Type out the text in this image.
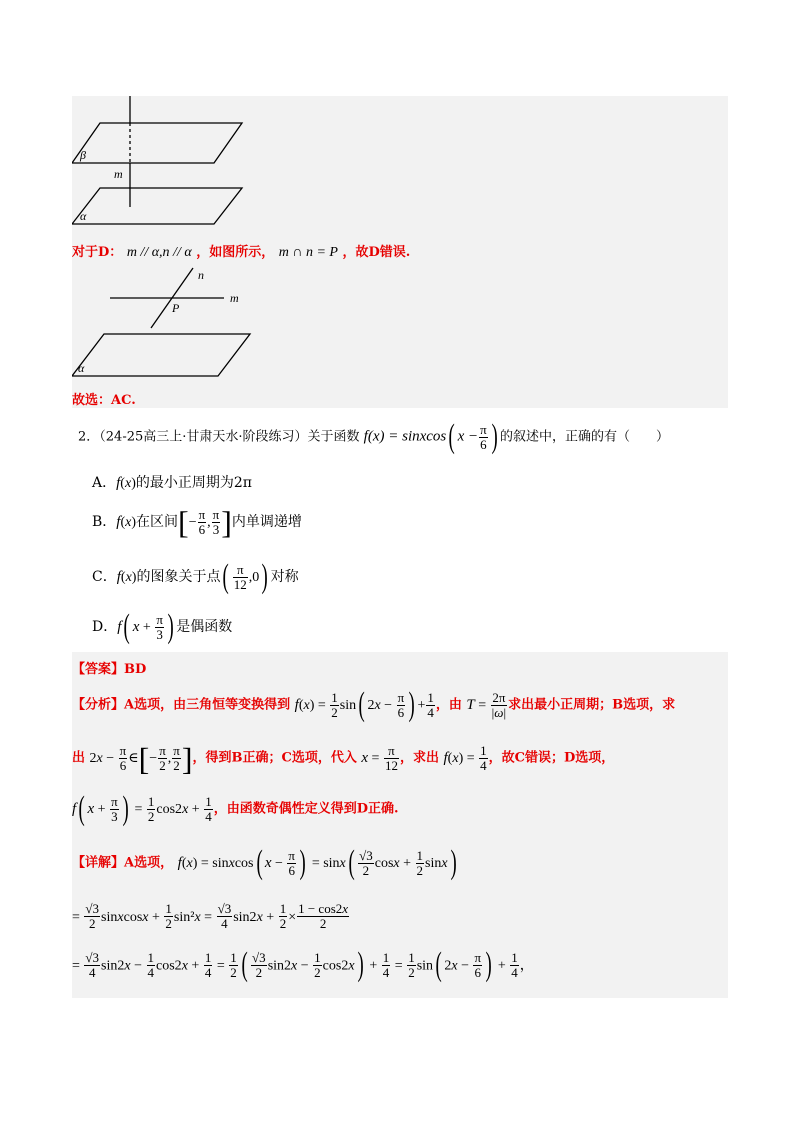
β
m
α
对于D： m // α,n // α ，如图所示， m ∩ n = P ，故D错误.
n
m
P
α
故选：AC.
2．（24-25高三上·甘肃天水·阶段练习）关于函数 f(x) = sinxcos( $x - \frac{\pi}{6}$ ) 的叙述中，正确的有（　　）
A．f(x)的最小正周期为2π
B．f(x)在区间[− $\frac{\pi}{6}$ , $\frac{\pi}{3}$ ]内单调递增
C．f(x)的图象关于点( $\frac{\pi}{12} ,0$) 对称
D．f( $x + \frac{\pi}{3}$ ) 是偶函数
【答案】BD
【分析】A选项，由三角恒等变换得到 $f(x) = \frac{1}{2} \sin$( $2x - \frac{\pi}{6}$ ) + $\frac{1}{4}$ ，由 $T = \frac{2\pi}{|\omega|}$ 求出最小正周期；B选项，求
出 $2x - \frac{\pi}{6}$ ∈[− $\frac{\pi}{2}$ , $\frac{\pi}{2}$ ]，得到B正确；C选项，代入 $x = \frac{\pi}{12}$ ，求出 $f(x) = \frac{1}{4}$ ，故C错误；D选项，
f( $x + \frac{\pi}{3}$ ) = $\frac{1}{2} \cos 2x + \frac{1}{4}$ ，由函数奇偶性定义得到D正确.
【详解】A选项， f(x) = sinxcos( $x - \frac{\pi}{6}$ ) = $\sin x( \frac{√3}{2}$ $\cos x + \frac{1}{2} \sin x$)
= $\frac{√3}{2}$ sinxcosx + $\frac{1}{2} \sin^2x = \frac{√3}{4} \sin 2x + \frac{1}{2} \times \frac{1 - \cos 2x}{2}$
= $\frac{√3}{4} \sin 2x - \frac{1}{4} \cos 2x + \frac{1}{4} = \frac{1}{2}$ ( $\frac{√3}{2} \sin 2x - \frac{1}{2} \cos 2x) + \frac{1}{4} = \frac{1}{2} \sin$( $2x - \frac{\pi}{6}$ ) + $\frac{1}{4}$ ，
